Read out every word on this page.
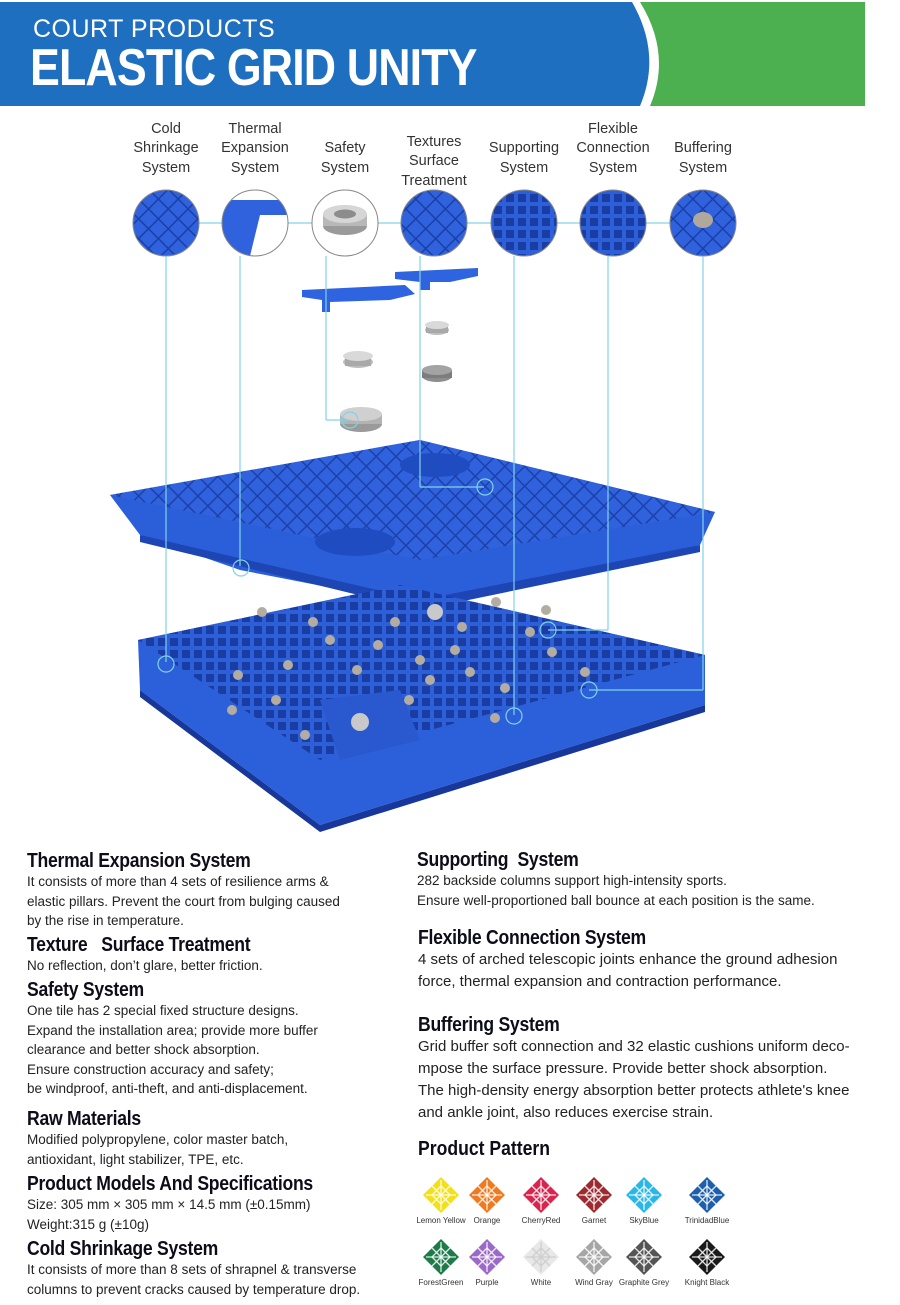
COURT PRODUCTS
ELASTIC GRID UNITY
Cold
Shrinkage
System
Thermal
Expansion
System
Safety
System
Textures
Surface
Treatment
Supporting
System
Flexible
Connection
System
Buffering
System
Thermal Expansion System
It consists of more than 4 sets of resilience arms &
elastic pillars. Prevent the court from bulging caused
by the rise in temperature.
Texture   Surface Treatment
No reflection, don’t glare, better friction.
Safety System
One tile has 2 special fixed structure designs.
Expand the installation area; provide more buffer
clearance and better shock absorption.
Ensure construction accuracy and safety;
be windproof, anti-theft, and anti-displacement.
Raw Materials
Modified polypropylene, color master batch,
antioxidant, light stabilizer, TPE, etc.
Product Models And Specifications
Size: 305 mm × 305 mm × 14.5 mm (±0.15mm)
Weight:315 g (±10g)
Cold Shrinkage System
It consists of more than 8 sets of shrapnel & transverse
columns to prevent cracks caused by temperature drop.
Supporting  System
282 backside columns support high-intensity sports.
Ensure well-proportioned ball bounce at each position is the same.
Flexible Connection System
4 sets of arched telescopic joints enhance the ground adhesion
force, thermal expansion and contraction performance.
Buffering System
Grid buffer soft connection and 32 elastic cushions uniform deco-
mpose the surface pressure. Provide better shock absorption.
The high-density energy absorption better protects athlete's knee
and ankle joint, also reduces exercise strain.
Product Pattern
Lemon Yellow Orange	CherryRed	Garnet	SkyBlue	TrinidadBlue
ForestGreen	Purple	White	Wind Gray Graphite Grey	Knight Black
